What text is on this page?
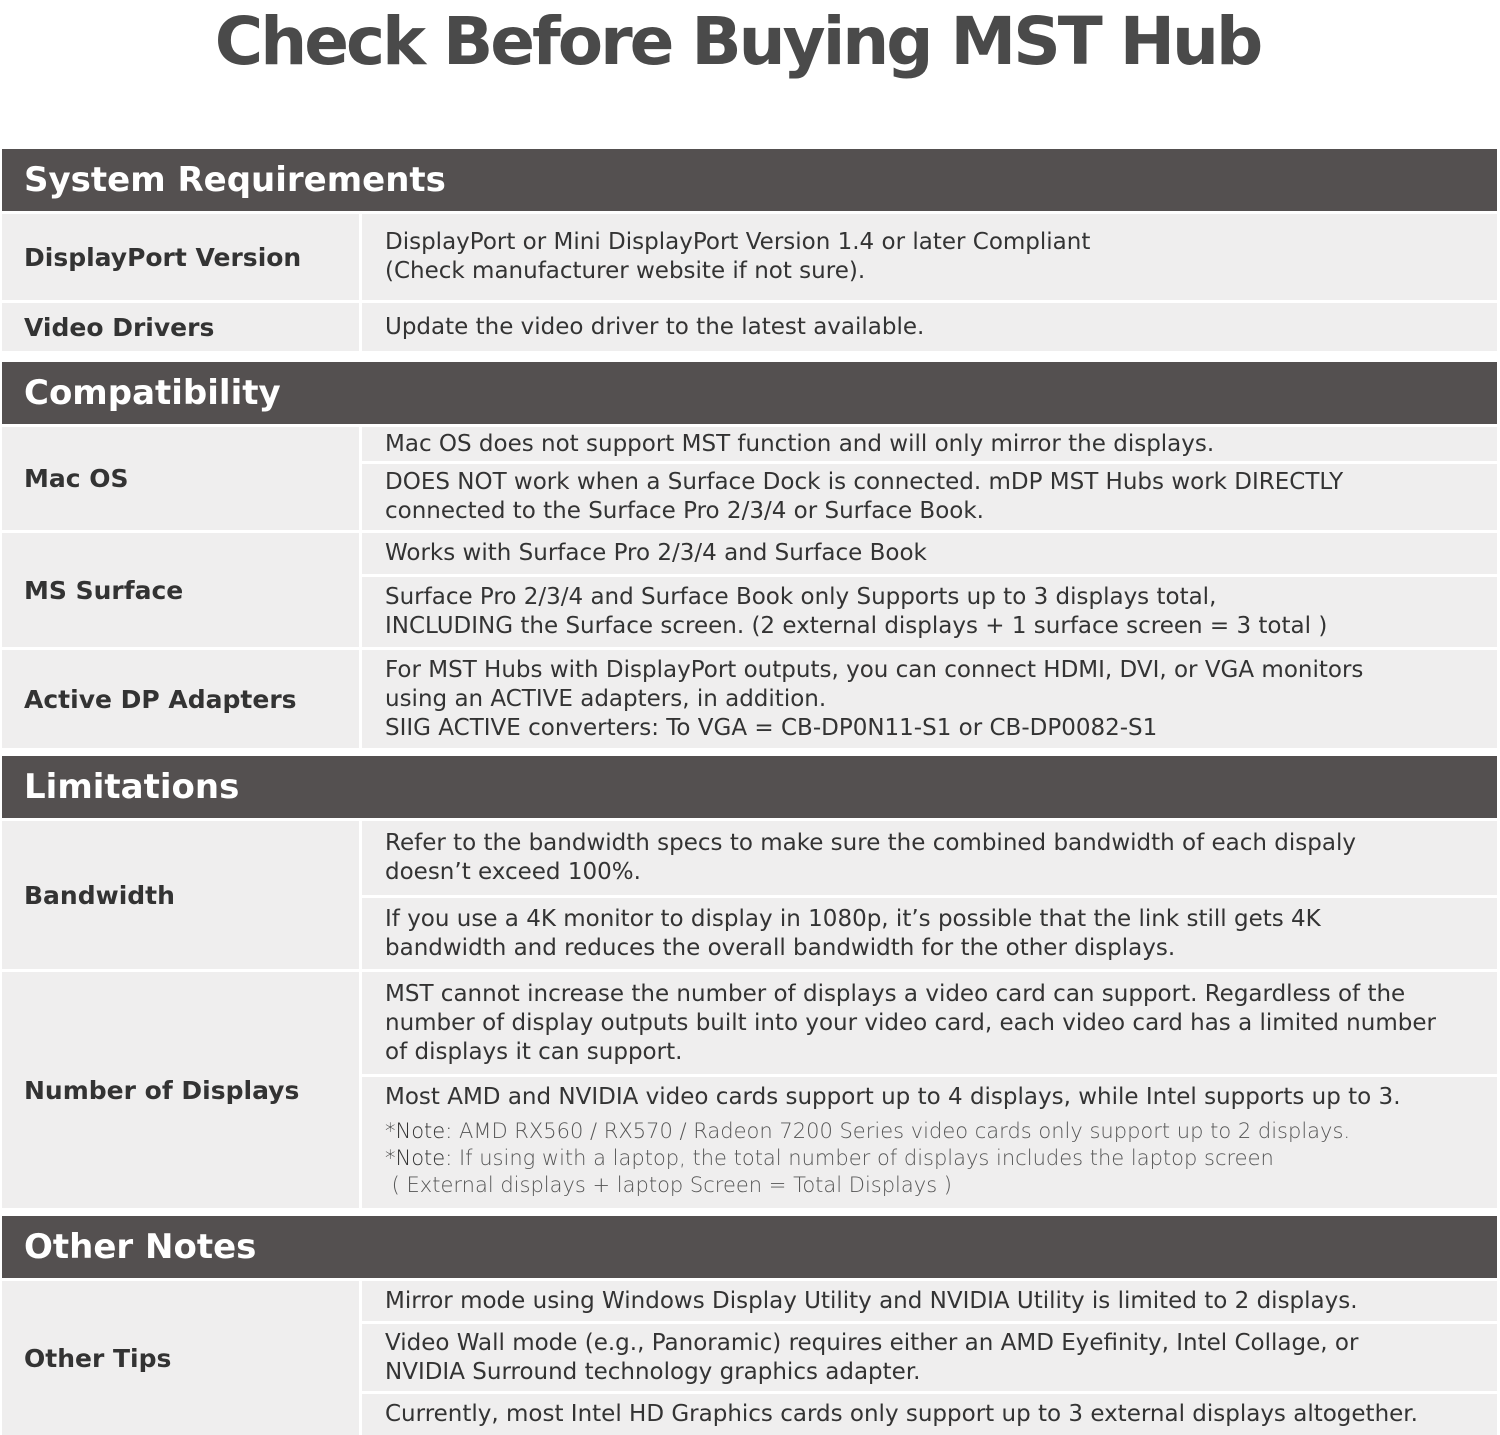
Check Before Buying MST Hub
System Requirements
DisplayPort Version
DisplayPort or Mini DisplayPort Version 1.4 or later Compliant
(Check manufacturer website if not sure).
Video Drivers	Update the video driver to the latest available.
Compatibility
Mac OS
Mac OS does not support MST function and will only mirror the displays.
DOES NOT work when a Surface Dock is connected. mDP MST Hubs work DIRECTLY
connected to the Surface Pro 2/3/4 or Surface Book.
MS Surface
Works with Surface Pro 2/3/4 and Surface Book
Surface Pro 2/3/4 and Surface Book only Supports up to 3 displays total,
INCLUDING the Surface screen. (2 external displays + 1 surface screen = 3 total )
Active DP Adapters
For MST Hubs with DisplayPort outputs, you can connect HDMI, DVI, or VGA monitors
using an ACTIVE adapters, in addition.
SIIG ACTIVE converters: To VGA = CB-DP0N11-S1 or CB-DP0082-S1
Limitations
Bandwidth
Refer to the bandwidth specs to make sure the combined bandwidth of each dispaly
doesn’t exceed 100%.
If you use a 4K monitor to display in 1080p, it’s possible that the link still gets 4K
bandwidth and reduces the overall bandwidth for the other displays.
Number of Displays
MST cannot increase the number of displays a video card can support. Regardless of the
number of display outputs built into your video card, each video card has a limited number
of displays it can support.
Most AMD and NVIDIA video cards support up to 4 displays, while Intel supports up to 3.
*Note: AMD RX560 / RX570 / Radeon 7200 Series video cards only support up to 2 displays.
*Note: If using with a laptop, the total number of displays includes the laptop screen
( External displays + laptop Screen = Total Displays )
Other Notes
Other Tips
Mirror mode using Windows Display Utility and NVIDIA Utility is limited to 2 displays.
Video Wall mode (e.g., Panoramic) requires either an AMD Eyefinity, Intel Collage, or
NVIDIA Surround technology graphics adapter.
Currently, most Intel HD Graphics cards only support up to 3 external displays altogether.
